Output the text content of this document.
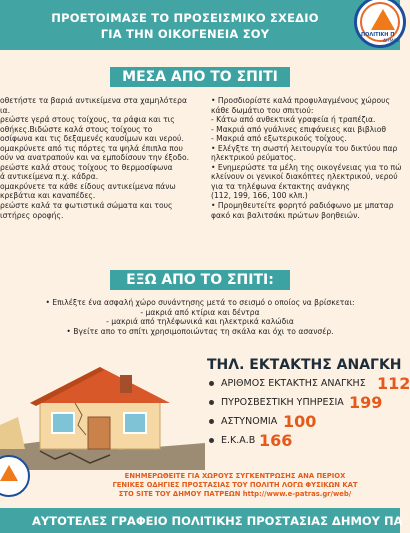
ΠΡΟΕΤΟΙΜΑΣΕ ΤΟ ΠΡΟΣΕΙΣΜΙΚΟ ΣΧΕΔΙΟ
ΓΙΑ ΤΗΝ ΟΙΚΟΓΕΝΕΙΑ ΣΟΥ	ΠΟΛΙΤΙΚΗ Π
ΔΗΜΟΣ
ΜΕΣΑ ΑΠΟ ΤΟ ΣΠΙΤΙ

οθετήστε τα βαριά αντικείμενα στα χαμηλότερα

ια.

ρεώστε γερά στους τοίχους, τα ράφια και τις

οθήκες.Βιδώστε καλά στους τοίχους το

οσίφωνα και τις δεξαμενές καυσίμων και νερού.

ομακρύνετε από τις πόρτες τα ψηλά έπιπλα που

ούν να ανατραπούν και να εμποδίσουν την έξοδο.

ρεώστε καλά στους τοίχους το θερμοσίφωνα

ά αντικείμενα π.χ. κάδρα.

ομακρύνετε τα κάθε είδους αντικείμενα πάνω

κρεβάτια και καναπέδες.

ρεώστε καλά τα φωτιστικά σώματα και τους

ιστήρες οροφής.

• Προσδιορίστε καλά προφυλαγμένους χώρους

κάθε δωμάτιο του σπιτιού:

- Κάτω από ανθεκτικά γραφεία ή τραπέζια.

- Μακριά από γυάλινες επιφάνειες και βιβλιοθ

- Μακριά από εξωτερικούς τοίχους.

• Ελέγξτε τη σωστή λειτουργία του δικτύου παρ

ηλεκτρικού ρεύματος.

• Ενημερώστε τα μέλη της οικογένειας για το πώ

κλείνουν οι γενικοί διακόπτες ηλεκτρικού, νερού

για τα τηλέφωνα έκτακτης ανάγκης

(112, 199, 166, 100 κλπ.)

• Προμηθευτείτε φορητό ραδιόφωνο με μπαταρ

φακό και βαλιτσάκι πρώτων βοηθειών.

ΕΞΩ ΑΠΟ ΤΟ ΣΠΙΤΙ:

• Επιλέξτε ένα ασφαλή χώρο συνάντησης μετά το σεισμό ο οποίος να βρίσκεται:

- μακριά από κτίρια και δέντρα

- μακριά από τηλέφωνικά και ηλεκτρικά καλώδια

• Βγείτε απο το σπίτι χρησιμοποιώντας τη σκάλα και όχι το ασανσέρ.

ΤΗΛ. ΕΚΤΑΚΤΗΣ ΑΝΑΓΚΗ
ΑΡΙΘΜΟΣ ΕΚΤΑΚΤΗΣ ΑΝΑΓΚΗΣ 112
ΠΥΡΟΣΒΕΣΤΙΚΗ ΥΠΗΡΕΣΙΑ 199
ΑΣΤΥΝΟΜΙΑ 100
Ε.Κ.Α.Β 166

ΕΝΗΜΕΡΩΘΕΙΤΕ ΓΙΑ ΧΩΡΟΥΣ ΣΥΓΚΕΝΤΡΩΣΗΣ ΑΝΑ ΠΕΡΙΟΧ

ΓΕΝΙΚΕΣ ΟΔΗΓΙΕΣ ΠΡΟΣΤΑΣΙΑΣ ΤΟΥ ΠΟΛΙΤΗ ΛΟΓΩ ΦΥΣΙΚΩΝ ΚΑΤ

ΣΤΟ SITE ΤΟΥ ΔΗΜΟΥ ΠΑΤΡΕΩΝ http://www.e-patras.gr/web/

ΑΥΤΟΤΕΛΕΣ ΓΡΑΦΕΙΟ ΠΟΛΙΤΙΚΗΣ ΠΡΟΣΤΑΣΙΑΣ ΔΗΜΟΥ ΠΑ
